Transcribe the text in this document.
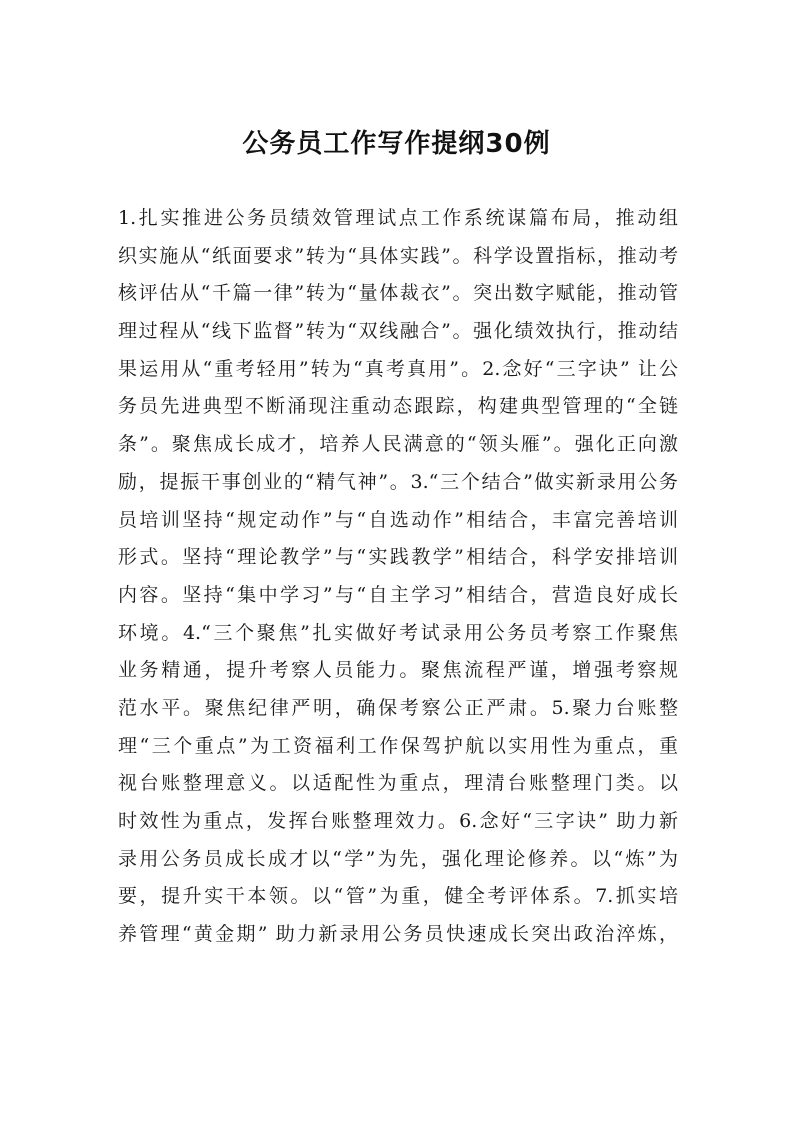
公务员工作写作提纲30例
1.扎实推进公务员绩效管理试点工作系统谋篇布局，推动组
织实施从“纸面要求”转为“具体实践”。科学设置指标，推动考
核评估从“千篇一律”转为“量体裁衣”。突出数字赋能，推动管
理过程从“线下监督”转为“双线融合”。强化绩效执行，推动结
果运用从“重考轻用”转为“真考真用”。2.念好“三字诀” 让公
务员先进典型不断涌现注重动态跟踪，构建典型管理的“全链
条”。聚焦成长成才，培养人民满意的“领头雁”。强化正向激
励，提振干事创业的“精气神”。3.“三个结合”做实新录用公务
员培训坚持“规定动作”与“自选动作”相结合，丰富完善培训
形式。坚持“理论教学”与“实践教学”相结合，科学安排培训
内容。坚持“集中学习”与“自主学习”相结合，营造良好成长
环境。4.“三个聚焦”扎实做好考试录用公务员考察工作聚焦
业务精通，提升考察人员能力。聚焦流程严谨，增强考察规
范水平。聚焦纪律严明，确保考察公正严肃。5.聚力台账整
理“三个重点”为工资福利工作保驾护航以实用性为重点，重
视台账整理意义。以适配性为重点，理清台账整理门类。以
时效性为重点，发挥台账整理效力。6.念好“三字诀” 助力新
录用公务员成长成才以“学”为先，强化理论修养。以“炼”为
要，提升实干本领。以“管”为重，健全考评体系。7.抓实培
养管理“黄金期” 助力新录用公务员快速成长突出政治淬炼，
